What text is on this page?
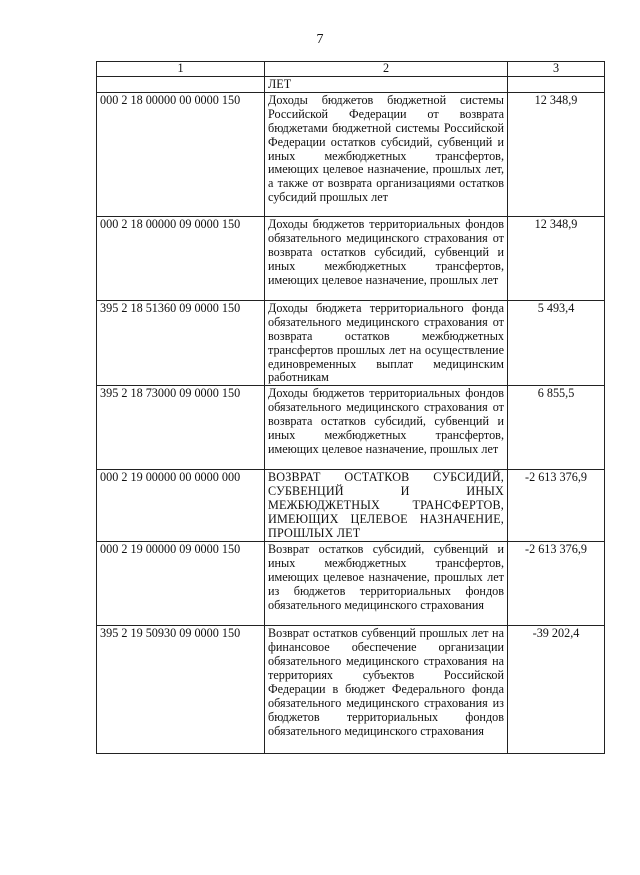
7
1	2	3
	ЛЕТ	
000 2 18 00000 00 0000 150	Доходы бюджетов бюджетной системы Российской Федерации от возврата бюджетами бюджетной системы Российской Федерации остатков субсидий, субвенций и иных межбюджетных трансфертов, имеющих целевое назначение, прошлых лет, а также от возврата организациями остатков субсидий прошлых лет	12 348,9
000 2 18 00000 09 0000 150	Доходы бюджетов территориальных фондов обязательного медицинского страхования от возврата остатков субсидий, субвенций и иных межбюджетных трансфертов, имеющих целевое назначение, прошлых лет	12 348,9
395 2 18 51360 09 0000 150	Доходы бюджета территориального фонда обязательного медицинского страхования от возврата остатков межбюджетных трансфертов прошлых лет на осуществление единовременных выплат медицинским работникам	5 493,4
395 2 18 73000 09 0000 150	Доходы бюджетов территориальных фондов обязательного медицинского страхования от возврата остатков субсидий, субвенций и иных межбюджетных трансфертов, имеющих целевое назначение, прошлых лет	6 855,5
000 2 19 00000 00 0000 000	ВОЗВРАТ ОСТАТКОВ СУБСИДИЙ, СУБВЕНЦИЙ И ИНЫХ МЕЖБЮДЖЕТНЫХ ТРАНСФЕРТОВ, ИМЕЮЩИХ ЦЕЛЕВОЕ НАЗНАЧЕНИЕ, ПРОШЛЫХ ЛЕТ	-2 613 376,9
000 2 19 00000 09 0000 150	Возврат остатков субсидий, субвенций и иных межбюджетных трансфертов, имеющих целевое назначение, прошлых лет из бюджетов территориальных фондов обязательного медицинского страхования	-2 613 376,9
395 2 19 50930 09 0000 150	Возврат остатков субвенций прошлых лет на финансовое обеспечение организации обязательного медицинского страхования на территориях субъектов Российской Федерации в бюджет Федерального фонда обязательного медицинского страхования из бюджетов территориальных фондов обязательного медицинского страхования	-39 202,4
